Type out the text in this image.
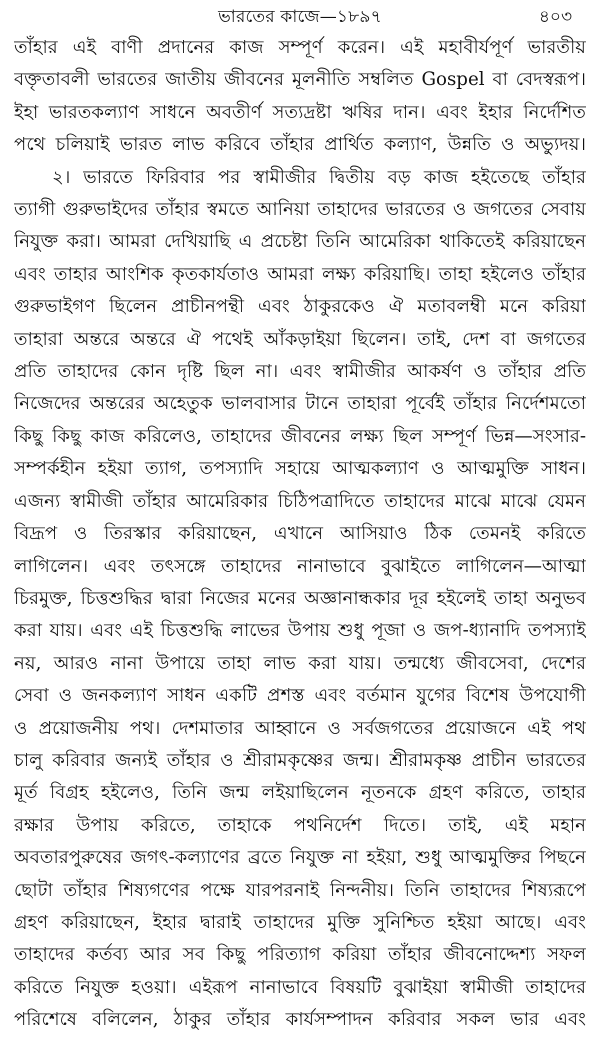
ভারতের কাজে—১৮৯৭	৪০৩
তাঁহার এই বাণী প্রদানের কাজ সম্পূর্ণ করেন। এই মহাবীর্যপূর্ণ ভারতীয়
বক্তৃতাবলী ভারতের জাতীয় জীবনের মূলনীতি সম্বলিত Gospel বা বেদস্বরূপ।
ইহা ভারতকল্যাণ সাধনে অবতীর্ণ সত্যদ্রষ্টা ঋষির দান। এবং ইহার নির্দেশিত
পথে চলিয়াই ভারত লাভ করিবে তাঁহার প্রার্থিত কল্যাণ, উন্নতি ও অভ্যুদয়।
২। ভারতে ফিরিবার পর স্বামীজীর দ্বিতীয় বড় কাজ হইতেছে তাঁহার
ত্যাগী গুরুভাইদের তাঁহার স্বমতে আনিয়া তাহাদের ভারতের ও জগতের সেবায়
নিযুক্ত করা। আমরা দেখিয়াছি এ প্রচেষ্টা তিনি আমেরিকা থাকিতেই করিয়াছেন
এবং তাহার আংশিক কৃতকার্যতাও আমরা লক্ষ্য করিয়াছি। তাহা হইলেও তাঁহার
গুরুভাইগণ ছিলেন প্রাচীনপন্থী এবং ঠাকুরকেও ঐ মতাবলম্বী মনে করিয়া
তাহারা অন্তরে অন্তরে ঐ পথেই আঁকড়াইয়া ছিলেন। তাই, দেশ বা জগতের
প্রতি তাহাদের কোন দৃষ্টি ছিল না। এবং স্বামীজীর আকর্ষণ ও তাঁহার প্রতি
নিজেদের অন্তরের অহেতুক ভালবাসার টানে তাহারা পূর্বেই তাঁহার নির্দেশমতো
কিছু কিছু কাজ করিলেও, তাহাদের জীবনের লক্ষ্য ছিল সম্পূর্ণ ভিন্ন—সংসার-
সম্পর্কহীন হইয়া ত্যাগ, তপস্যাদি সহায়ে আত্মকল্যাণ ও আত্মমুক্তি সাধন।
এজন্য স্বামীজী তাঁহার আমেরিকার চিঠিপত্রাদিতে তাহাদের মাঝে মাঝে যেমন
বিদ্রূপ ও তিরস্কার করিয়াছেন, এখানে আসিয়াও ঠিক তেমনই করিতে
লাগিলেন। এবং তৎসঙ্গে তাহাদের নানাভাবে বুঝাইতে লাগিলেন—আত্মা
চিরমুক্ত, চিত্তশুদ্ধির দ্বারা নিজের মনের অজ্ঞানান্ধকার দূর হইলেই তাহা অনুভব
করা যায়। এবং এই চিত্তশুদ্ধি লাভের উপায় শুধু পূজা ও জপ-ধ্যানাদি তপস্যাই
নয়, আরও নানা উপায়ে তাহা লাভ করা যায়। তন্মধ্যে জীবসেবা, দেশের
সেবা ও জনকল্যাণ সাধন একটি প্রশস্ত এবং বর্তমান যুগের বিশেষ উপযোগী
ও প্রয়োজনীয় পথ। দেশমাতার আহ্বানে ও সর্বজগতের প্রয়োজনে এই পথ
চালু করিবার জন্যই তাঁহার ও শ্রীরামকৃষ্ণের জন্ম। শ্রীরামকৃষ্ণ প্রাচীন ভারতের
মূর্ত বিগ্রহ হইলেও, তিনি জন্ম লইয়াছিলেন নূতনকে গ্রহণ করিতে, তাহার
রক্ষার উপায় করিতে, তাহাকে পথনির্দেশ দিতে। তাই, এই মহান
অবতারপুরুষের জগৎ-কল্যাণের ব্রতে নিযুক্ত না হইয়া, শুধু আত্মমুক্তির পিছনে
ছোটা তাঁহার শিষ্যগণের পক্ষে যারপরনাই নিন্দনীয়। তিনি তাহাদের শিষ্যরূপে
গ্রহণ করিয়াছেন, ইহার দ্বারাই তাহাদের মুক্তি সুনিশ্চিত হইয়া আছে। এবং
তাহাদের কর্তব্য আর সব কিছু পরিত্যাগ করিয়া তাঁহার জীবনোদ্দেশ্য সফল
করিতে নিযুক্ত হওয়া। এইরূপ নানাভাবে বিষয়টি বুঝাইয়া স্বামীজী তাহাদের
পরিশেষে বলিলেন, ঠাকুর তাঁহার কার্যসম্পাদন করিবার সকল ভার এবং
